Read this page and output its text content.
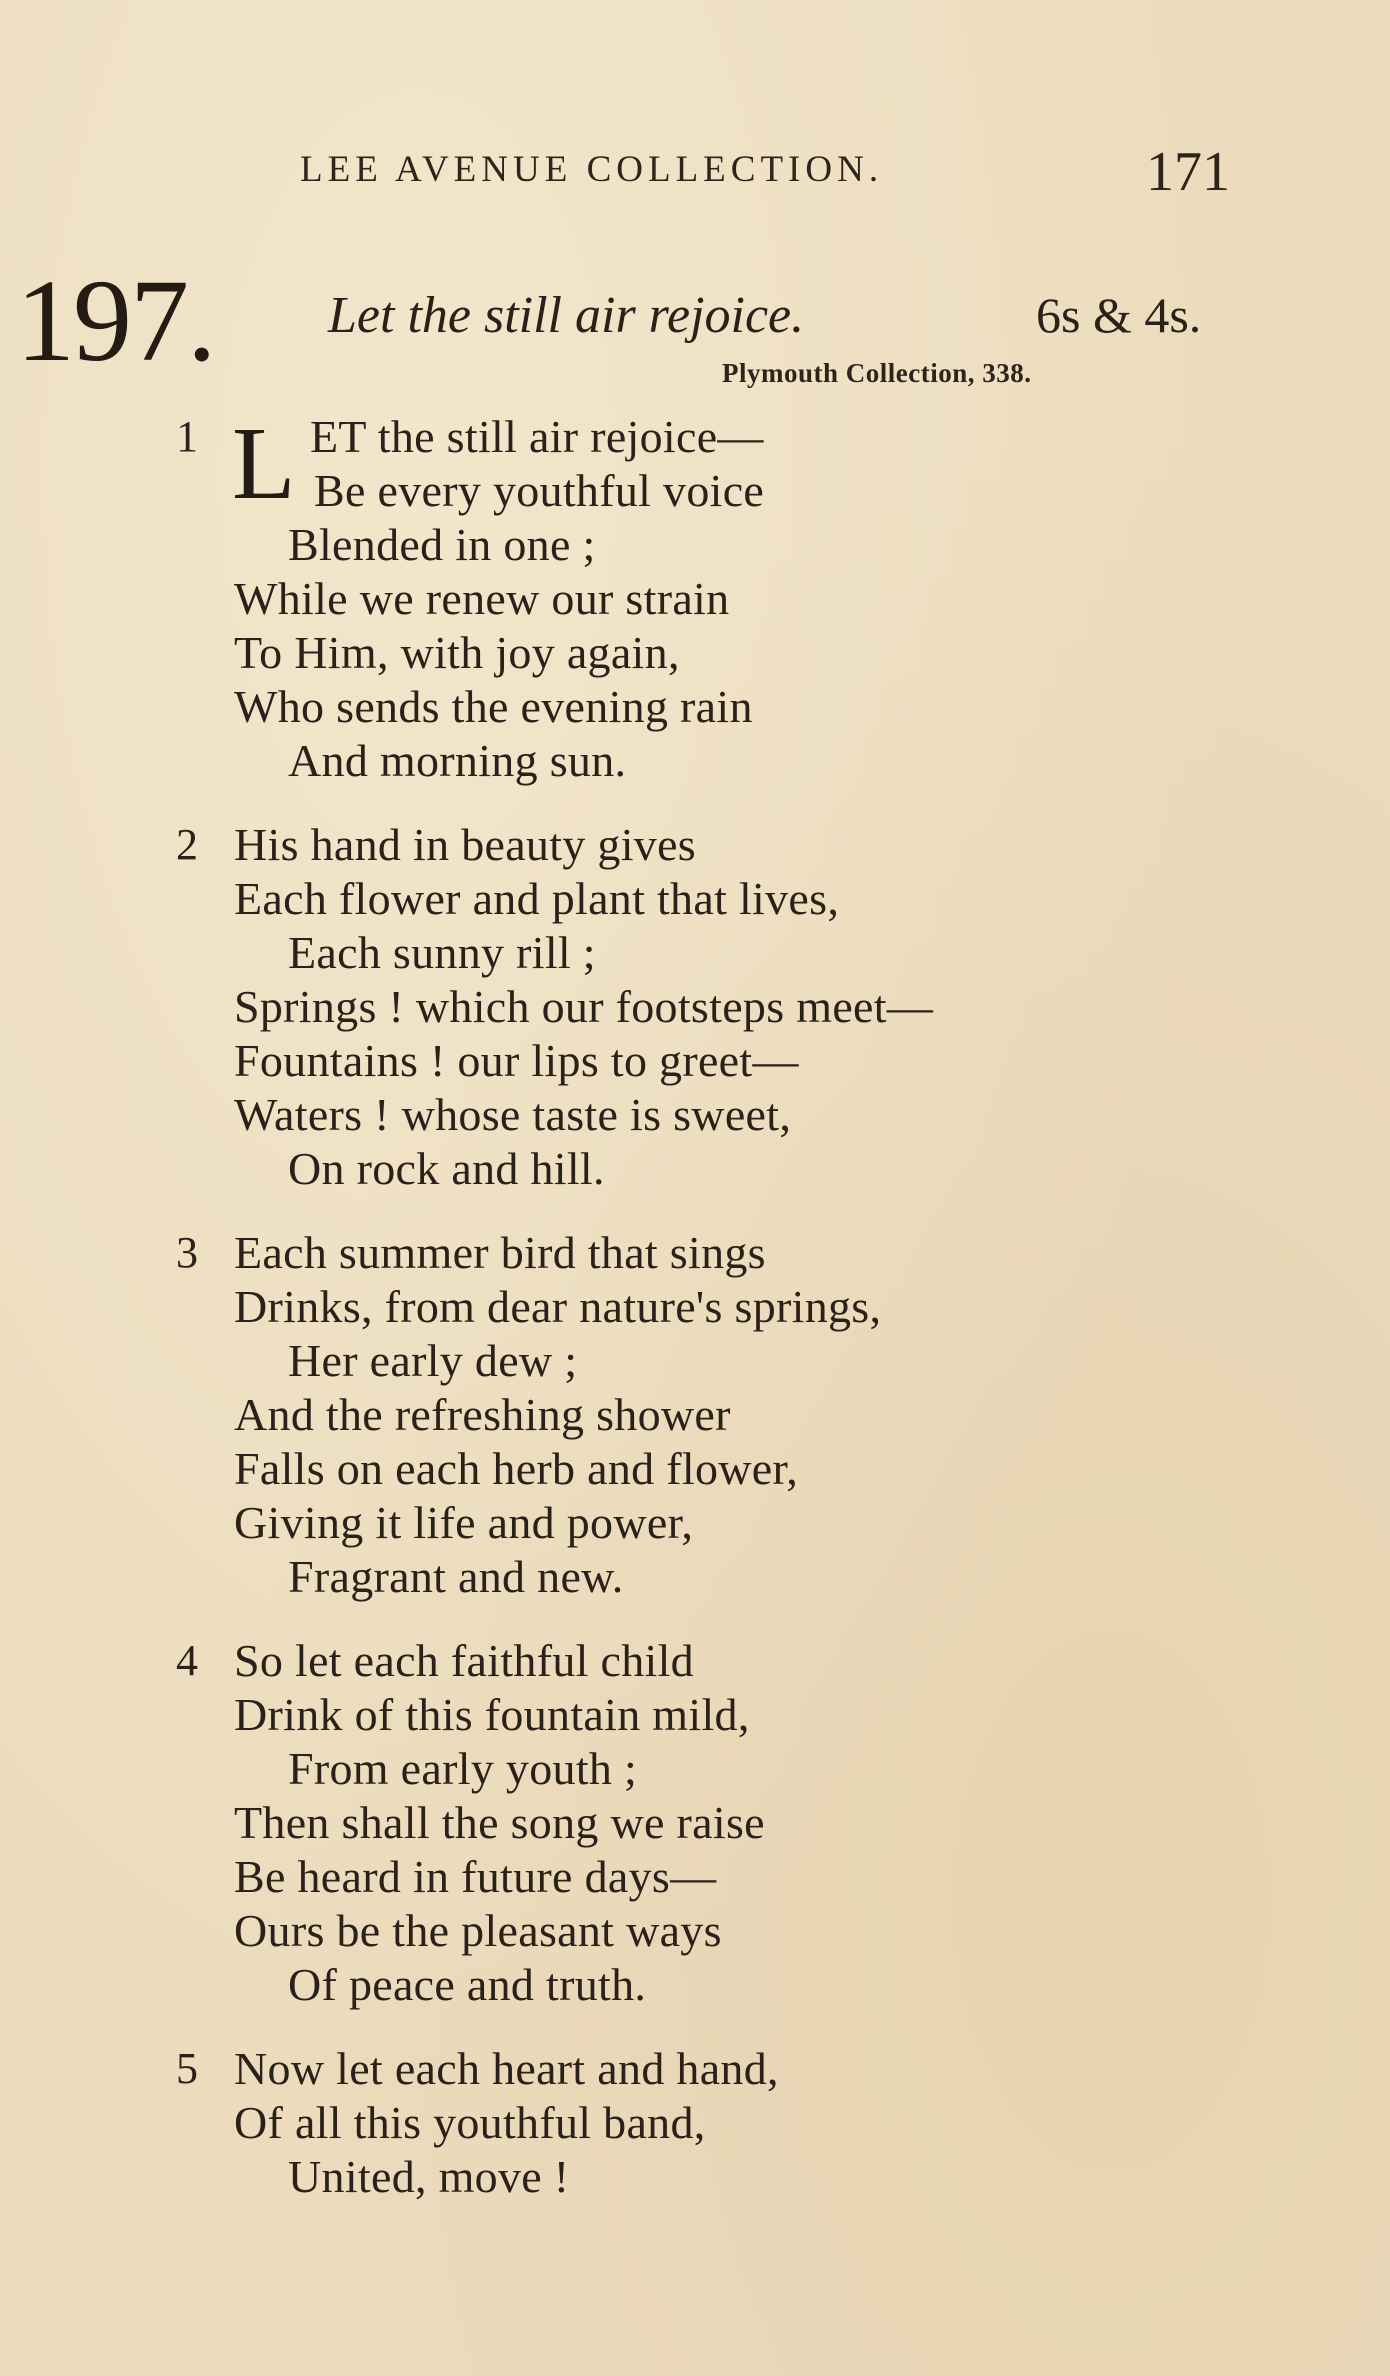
LEE AVENUE COLLECTION.	171
197. Let the still air rejoice.	6s & 4s.
Plymouth Collection, 338.
1 L ET the still air rejoice—
Be every youthful voice
Blended in one ;
While we renew our strain
To Him, with joy again,
Who sends the evening rain
And morning sun.
2 His hand in beauty gives
Each flower and plant that lives,
Each sunny rill ;
Springs ! which our footsteps meet—
Fountains ! our lips to greet—
Waters ! whose taste is sweet,
On rock and hill.
3 Each summer bird that sings
Drinks, from dear nature's springs,
Her early dew ;
And the refreshing shower
Falls on each herb and flower,
Giving it life and power,
Fragrant and new.
4 So let each faithful child
Drink of this fountain mild,
From early youth ;
Then shall the song we raise
Be heard in future days—
Ours be the pleasant ways
Of peace and truth.
5 Now let each heart and hand,
Of all this youthful band,
United, move !
